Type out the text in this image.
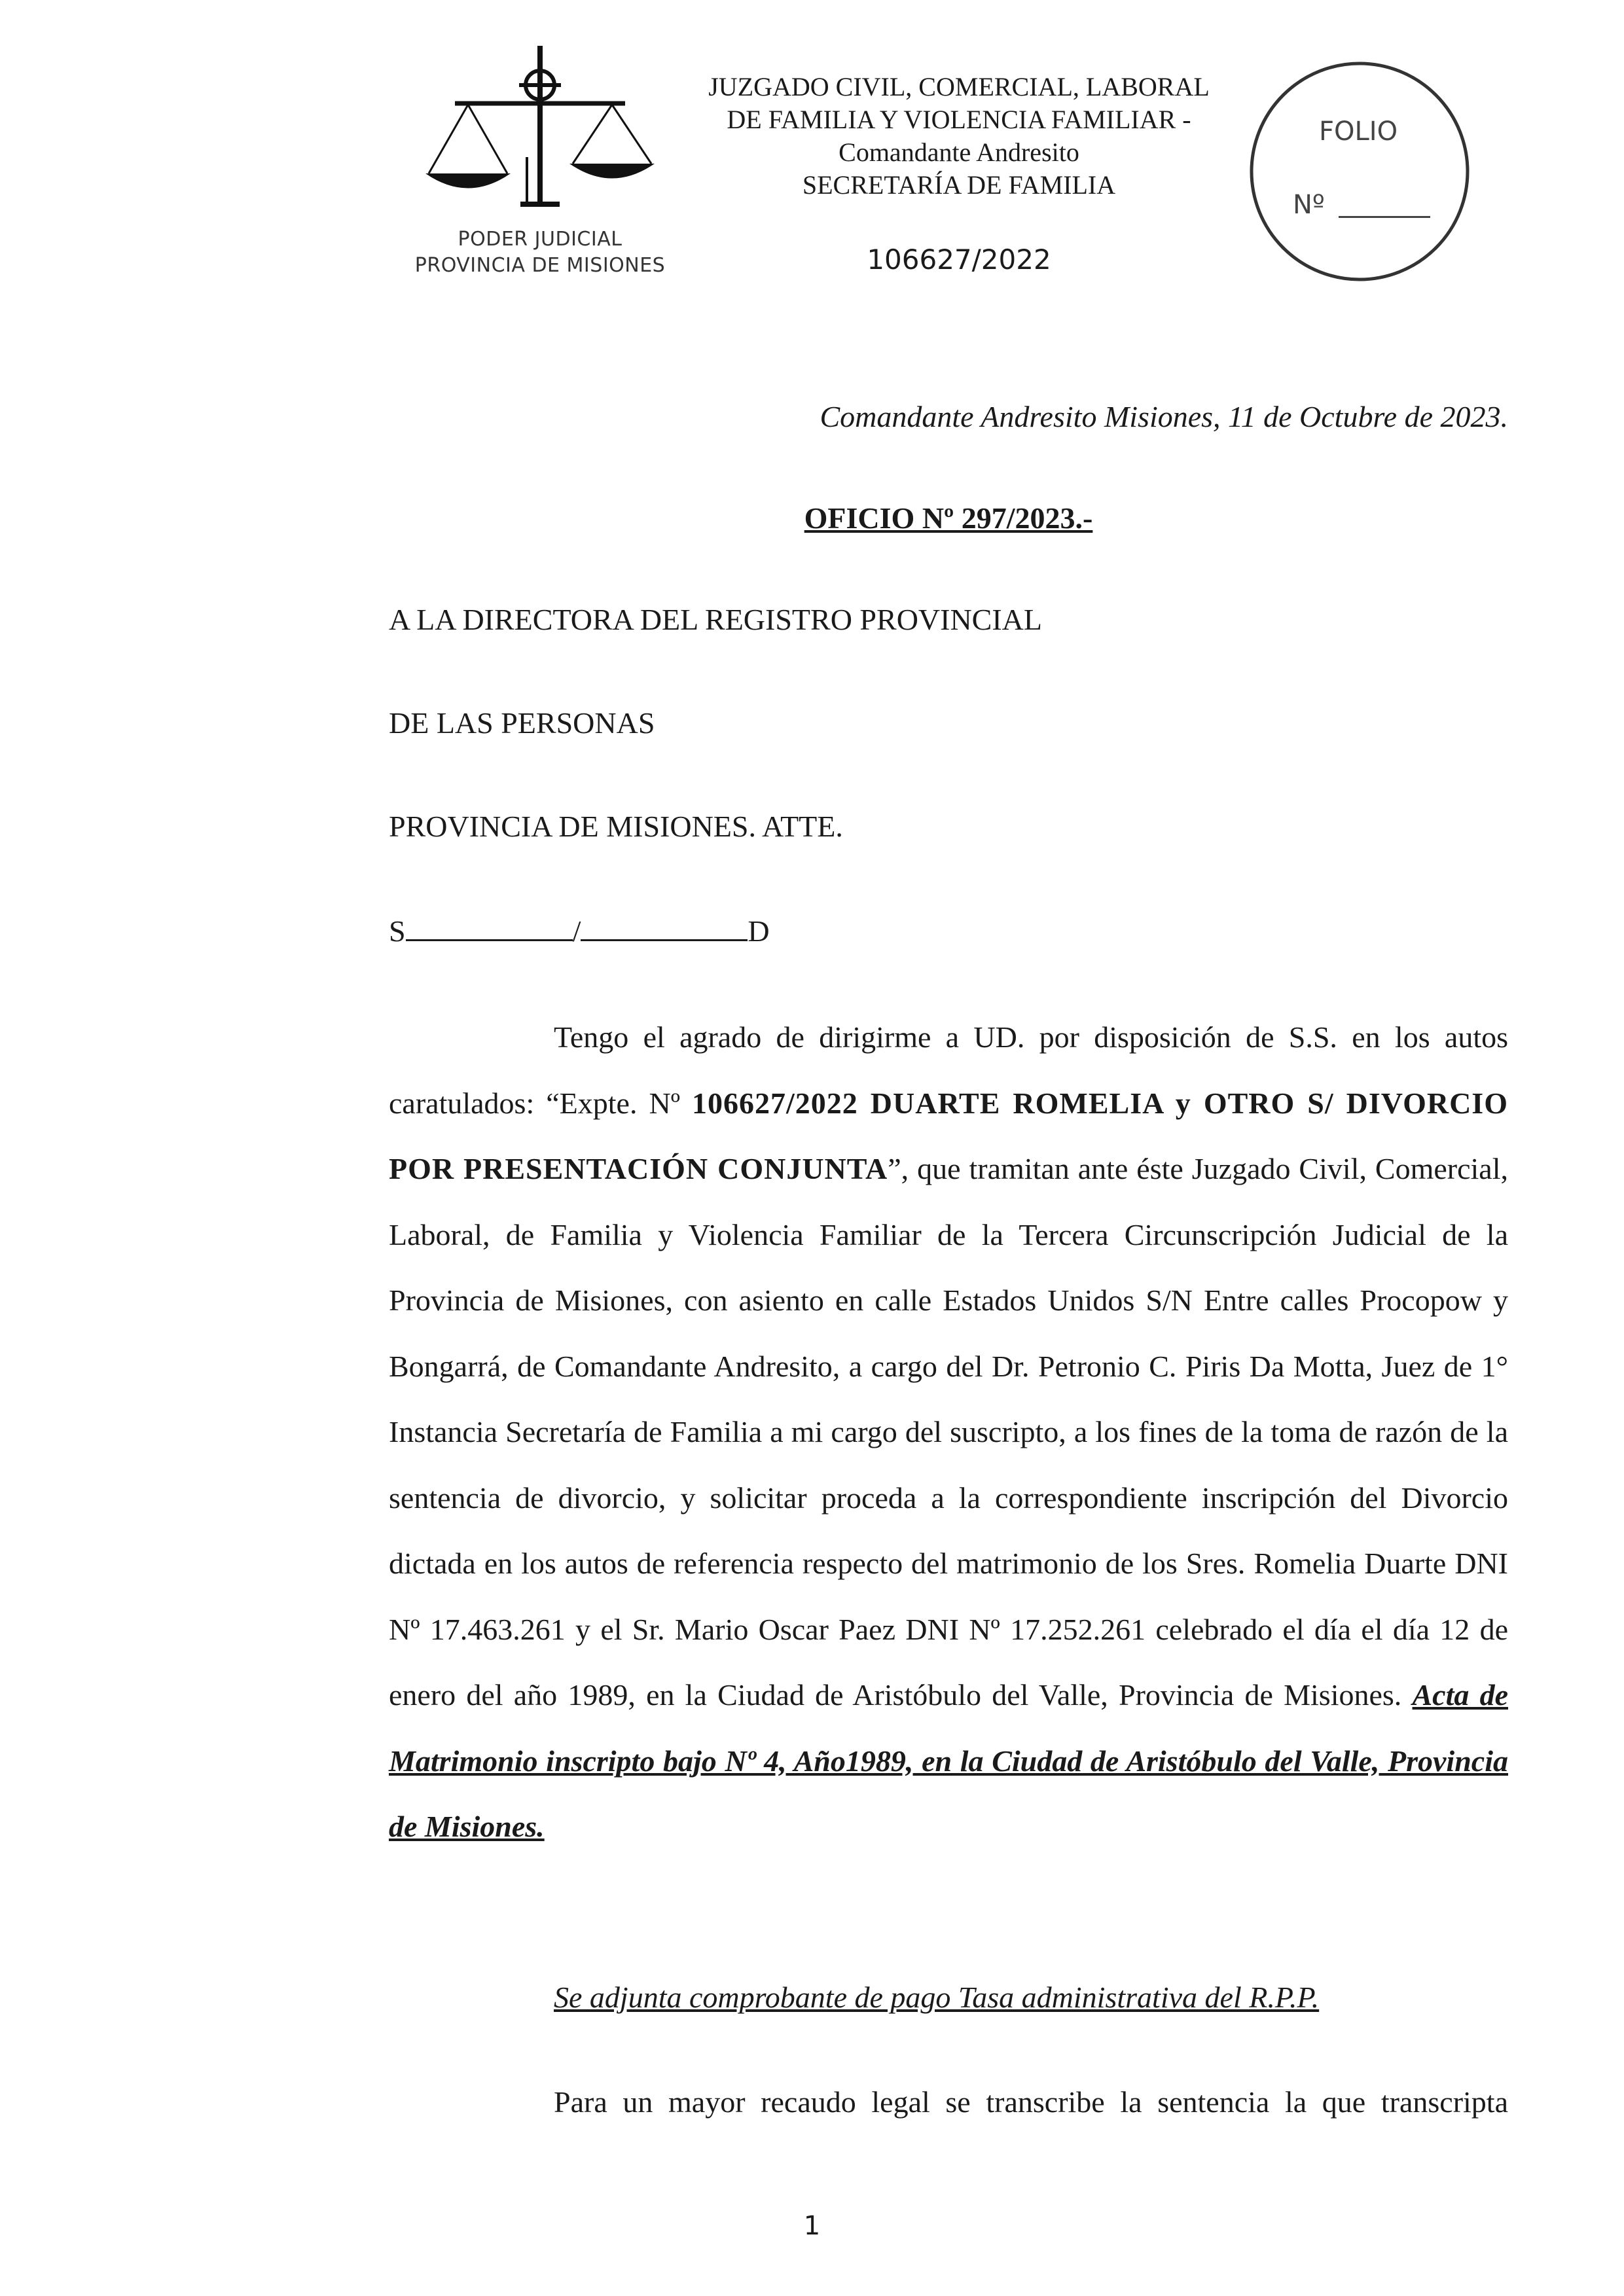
PODER JUDICIAL
PROVINCIA DE MISIONES
JUZGADO CIVIL, COMERCIAL, LABORAL
DE FAMILIA Y VIOLENCIA FAMILIAR -
Comandante Andresito
SECRETARÍA DE FAMILIA
106627/2022
FOLIO
Nº
Comandante Andresito Misiones, 11 de Octubre de 2023.
OFICIO Nº 297/2023.-
A LA DIRECTORA DEL REGISTRO PROVINCIAL
DE LAS PERSONAS
PROVINCIA DE MISIONES. ATTE.
S	/	D
Tengo el agrado de dirigirme a UD. por disposición de S.S. en los autos caratulados: “Expte. Nº 106627/2022 DUARTE ROMELIA y OTRO S/ DIVORCIO POR PRESENTACIÓN CONJUNTA”, que tramitan ante éste Juzgado Civil, Comercial, Laboral, de Familia y Violencia Familiar de la Tercera Circunscripción Judicial de la Provincia de Misiones, con asiento en calle Estados Unidos S/N Entre calles Procopow y Bongarrá, de Comandante Andresito, a cargo del Dr. Petronio C. Piris Da Motta, Juez de 1° Instancia Secretaría de Familia a mi cargo del suscripto, a los fines de la toma de razón de la sentencia de divorcio, y solicitar proceda a la correspondiente inscripción del Divorcio dictada en los autos de referencia respecto del matrimonio de los Sres. Romelia Duarte DNI Nº 17.463.261 y el Sr. Mario Oscar Paez DNI Nº 17.252.261 celebrado el día el día 12 de enero del año 1989, en la Ciudad de Aristóbulo del Valle, Provincia de Misiones. Acta de Matrimonio inscripto bajo Nº 4, Año1989, en la Ciudad de Aristóbulo del Valle, Provincia de Misiones.
Se adjunta comprobante de pago Tasa administrativa del R.P.P.
Para un mayor recaudo legal se transcribe la sentencia la que transcripta
1
